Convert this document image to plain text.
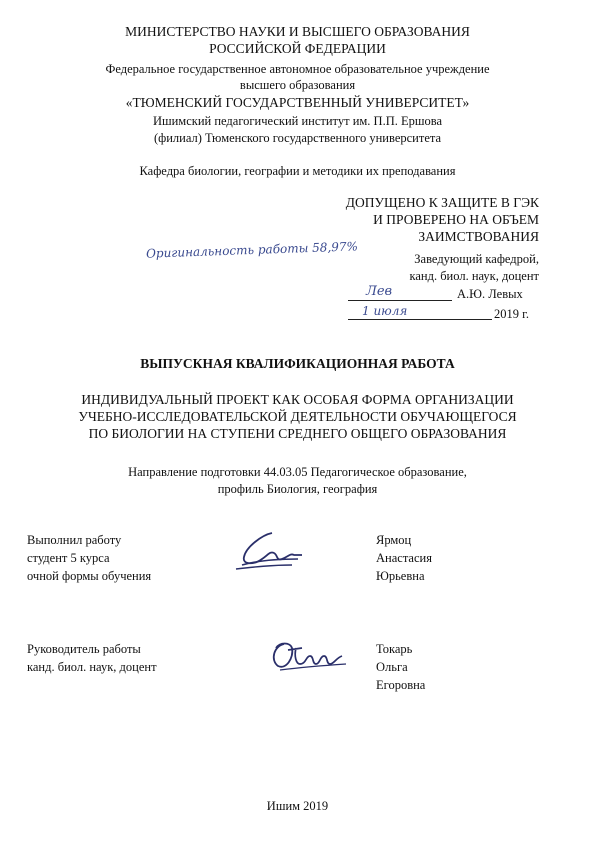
МИНИСТЕРСТВО НАУКИ И ВЫСШЕГО ОБРАЗОВАНИЯ
РОССИЙСКОЙ ФЕДЕРАЦИИ
Федеральное государственное автономное образовательное учреждение
высшего образования
«ТЮМЕНСКИЙ ГОСУДАРСТВЕННЫЙ УНИВЕРСИТЕТ»
Ишимский педагогический институт им. П.П. Ершова
(филиал) Тюменского государственного университета
Кафедра биологии, географии и методики их преподавания
ДОПУЩЕНО К ЗАЩИТЕ В ГЭК
И ПРОВЕРЕНО НА ОБЪЕМ
ЗАИМСТВОВАНИЯ
Заведующий кафедрой,
канд. биол. наук, доцент
Оригинальность работы 58,97%
Лев	А.Ю. Левых
1 июля	2019 г.
ВЫПУСКНАЯ КВАЛИФИКАЦИОННАЯ РАБОТА
ИНДИВИДУАЛЬНЫЙ ПРОЕКТ КАК ОСОБАЯ ФОРМА ОРГАНИЗАЦИИ
УЧЕБНО-ИССЛЕДОВАТЕЛЬСКОЙ ДЕЯТЕЛЬНОСТИ ОБУЧАЮЩЕГОСЯ
ПО БИОЛОГИИ НА СТУПЕНИ СРЕДНЕГО ОБЩЕГО ОБРАЗОВАНИЯ
Направление подготовки 44.03.05 Педагогическое образование,
профиль Биология, география
Выполнил работу
студент 5 курса
очной формы обучения
Ярмоц
Анастасия
Юрьевна
Руководитель работы
канд. биол. наук, доцент
Токарь
Ольга
Егоровна
Ишим 2019
